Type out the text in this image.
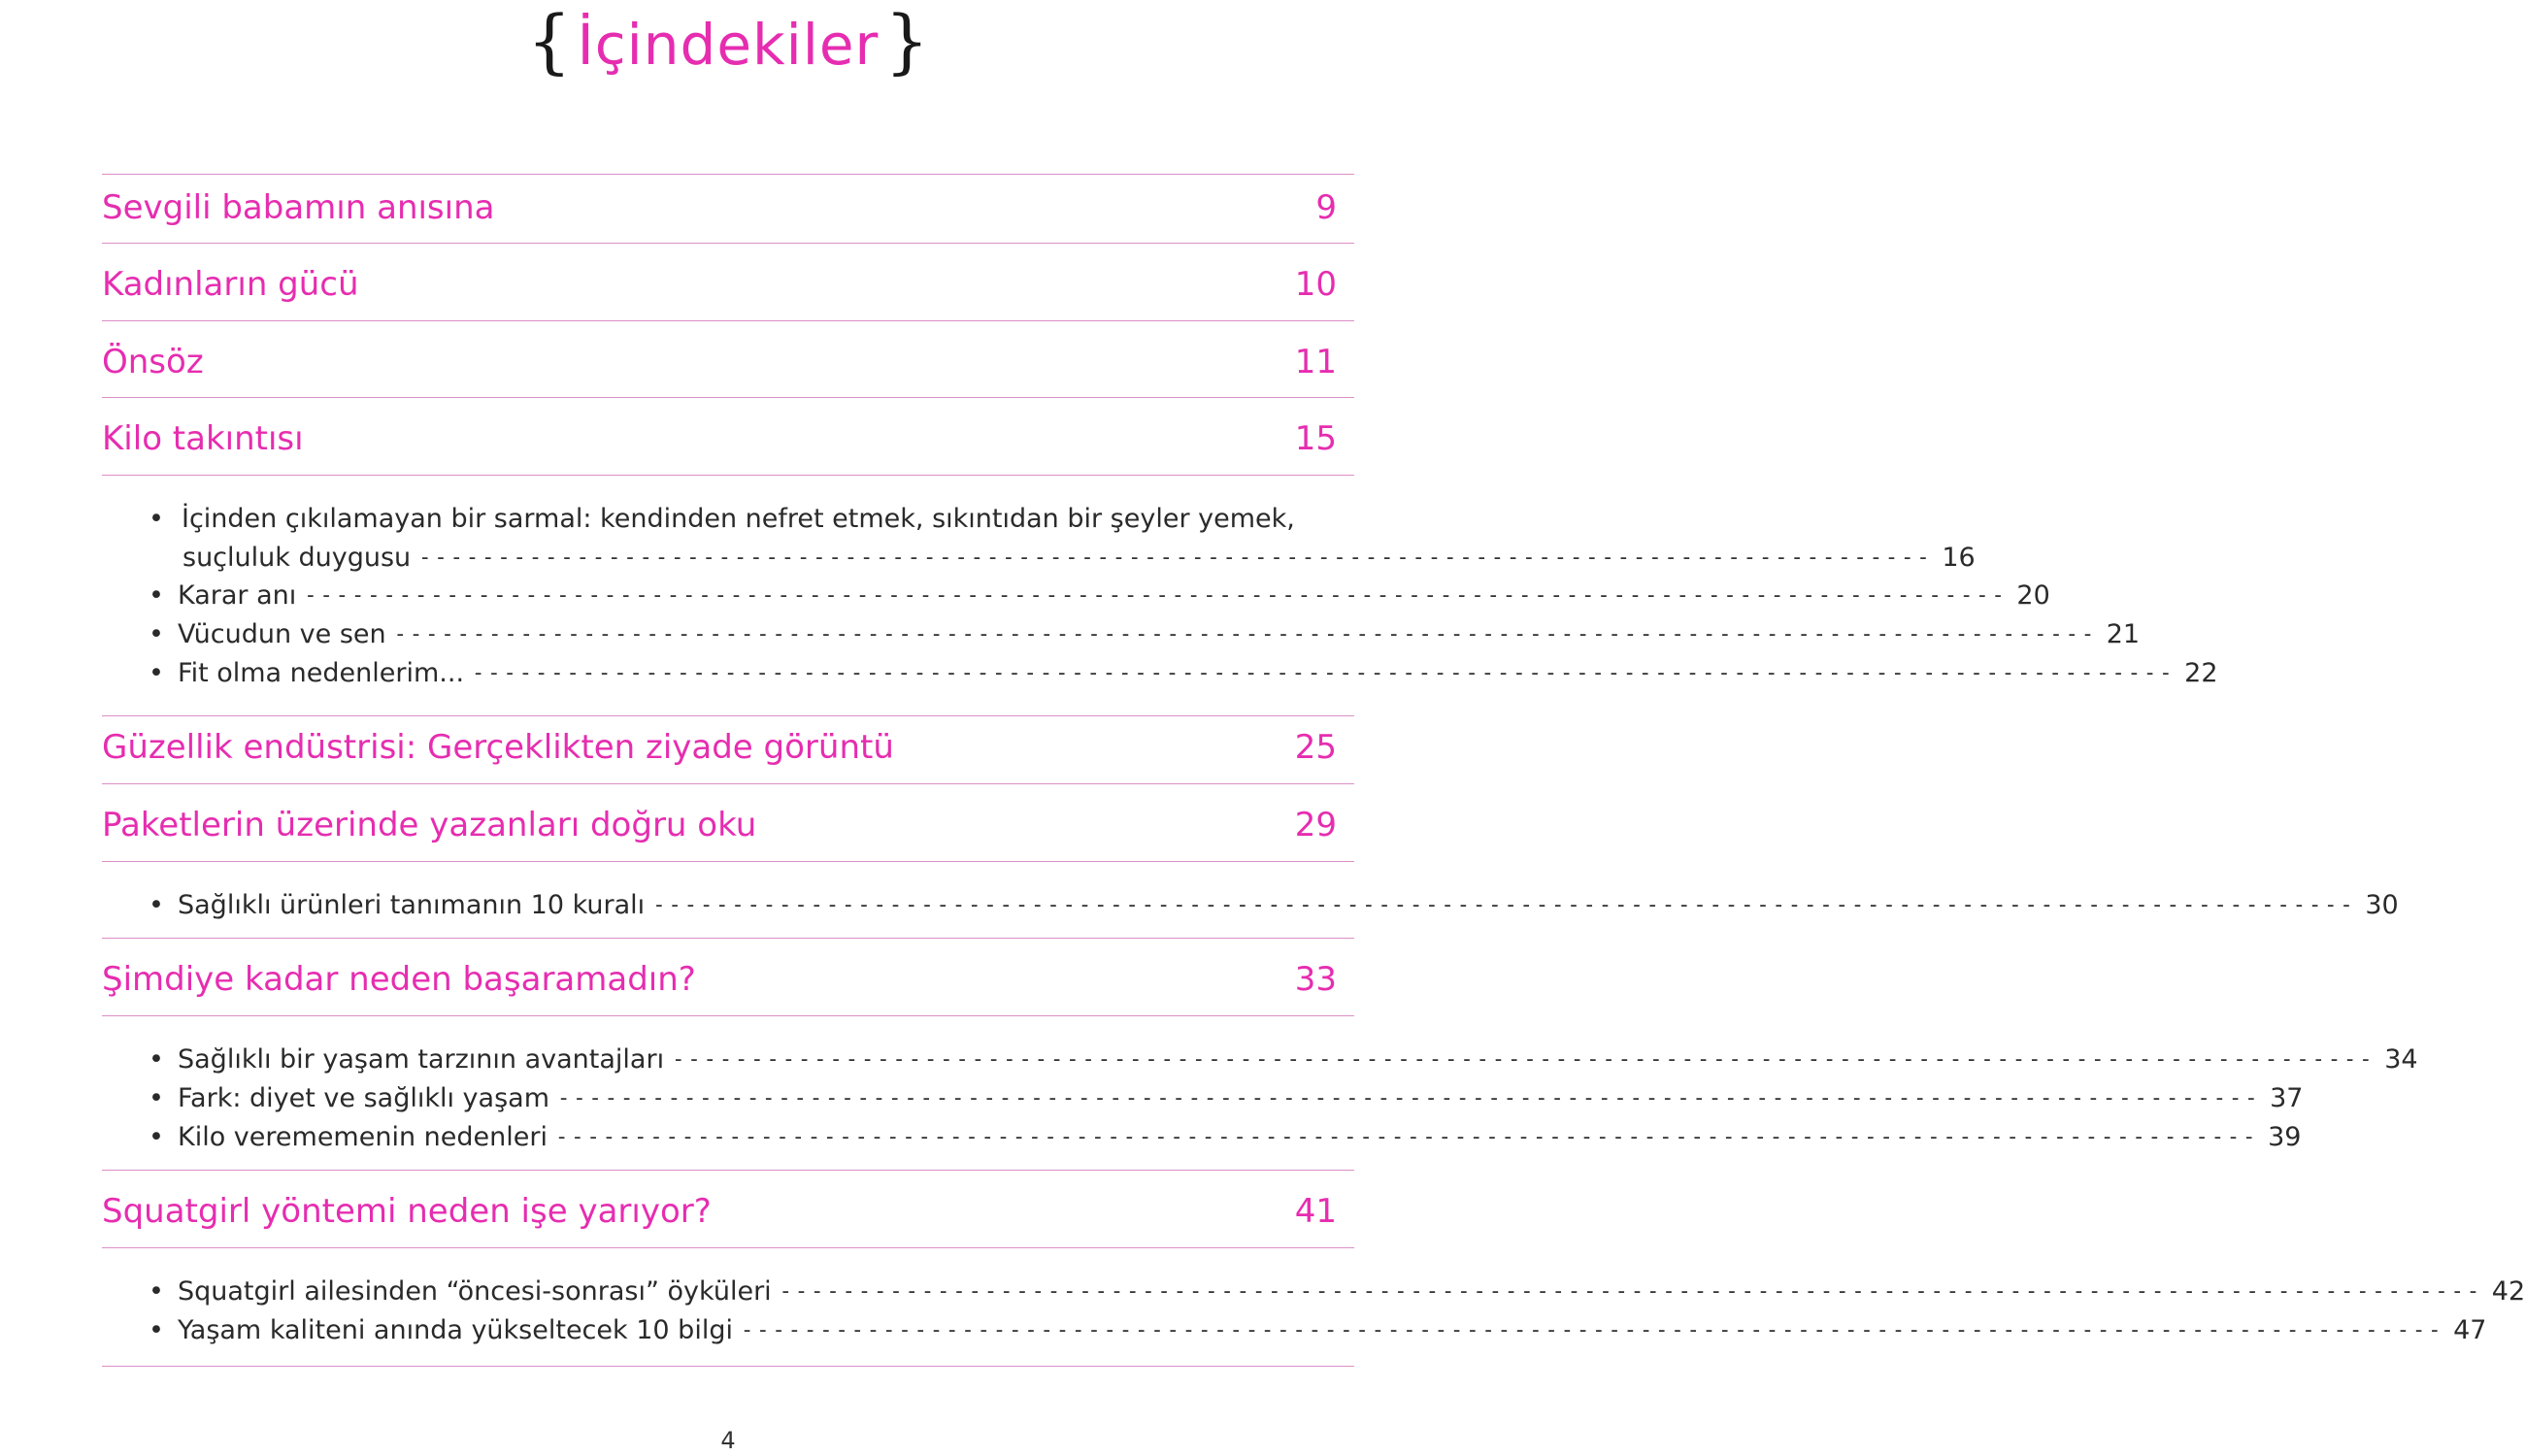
{ İçindekiler }
Sevgili babamın anısına	9
Kadınların gücü	10
Önsöz	11
Kilo takıntısı	15
• İçinden çıkılamayan bir sarmal: kendinden nefret etmek, sıkıntıdan bir şeyler yemek,
suçluluk duygusu ------------------------------------------------------------------------------------------------ 16
• Karar anı ------------------------------------------------------------------------------------------------------------ 20
• Vücudun ve sen ------------------------------------------------------------------------------------------------------------ 21
• Fit olma nedenlerim... ------------------------------------------------------------------------------------------------------------ 22
Güzellik endüstrisi: Gerçeklikten ziyade görüntü	25
Paketlerin üzerinde yazanları doğru oku	29
• Sağlıklı ürünleri tanımanın 10 kuralı ------------------------------------------------------------------------------------------------------------ 30
Şimdiye kadar neden başaramadın?	33
• Sağlıklı bir yaşam tarzının avantajları ------------------------------------------------------------------------------------------------------------ 34
• Fark: diyet ve sağlıklı yaşam ------------------------------------------------------------------------------------------------------------ 37
• Kilo verememenin nedenleri ------------------------------------------------------------------------------------------------------------ 39
Squatgirl yöntemi neden işe yarıyor?	41
• Squatgirl ailesinden “öncesi-sonrası” öyküleri ------------------------------------------------------------------------------------------------------------ 42
• Yaşam kaliteni anında yükseltecek 10 bilgi ------------------------------------------------------------------------------------------------------------ 47
4
